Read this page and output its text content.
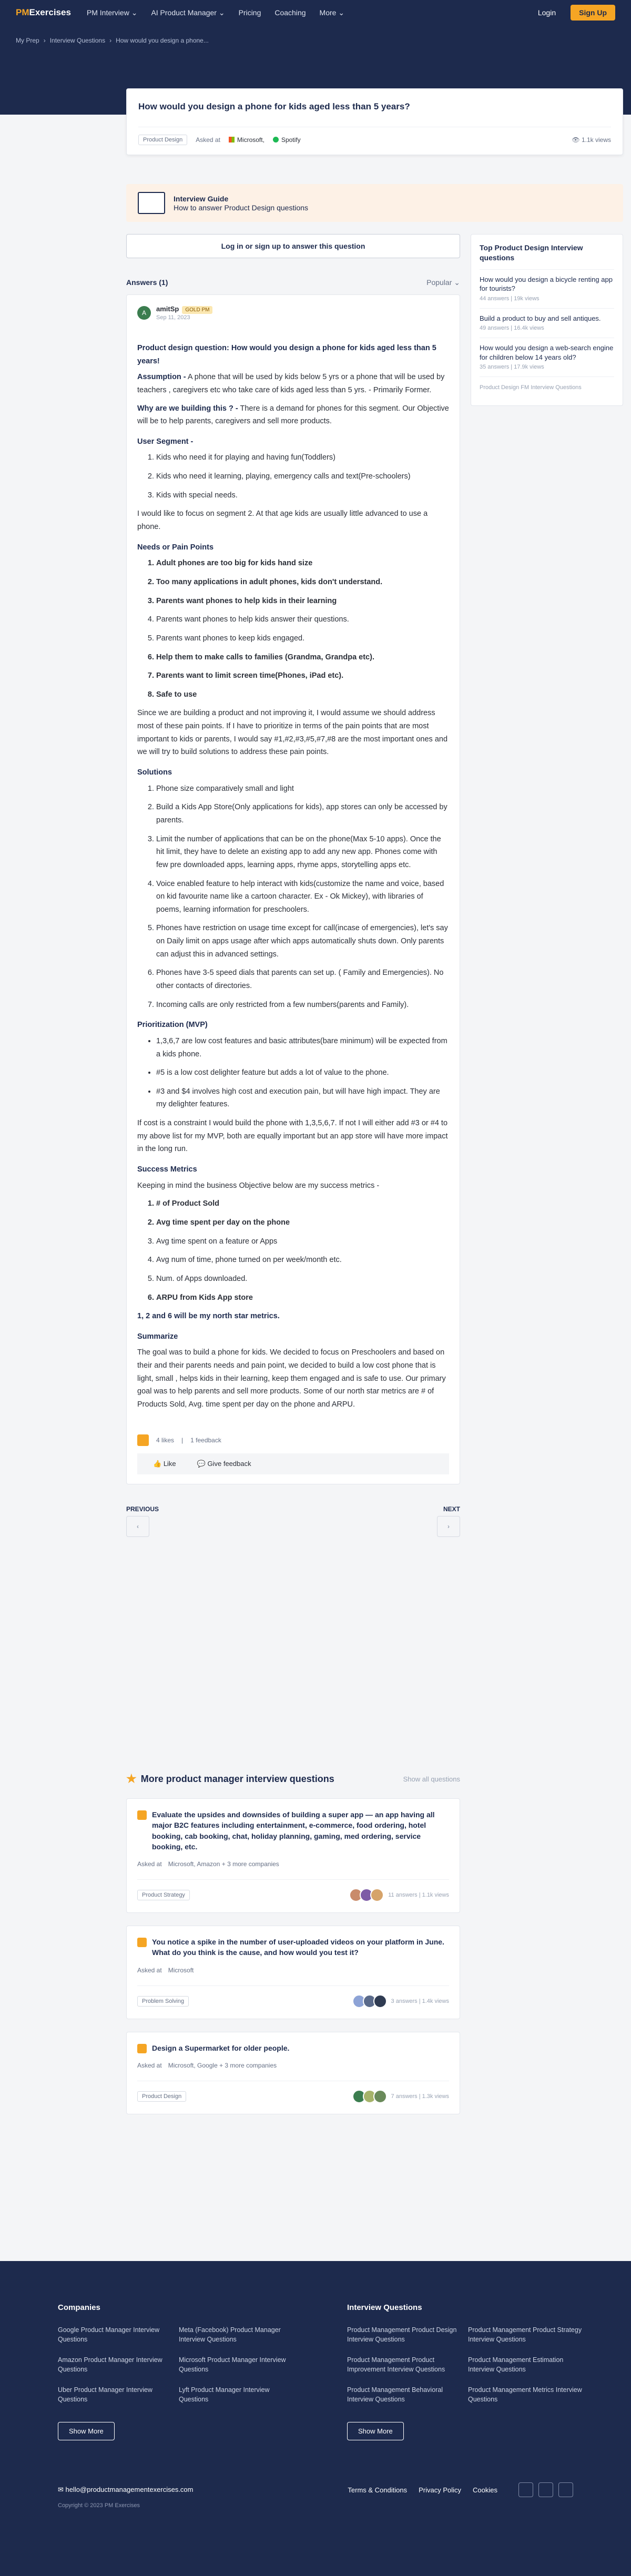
PMExercises PM Interview ⌄ AI Product Manager ⌄ Pricing Coaching More ⌄	Login	Sign Up
My Prep › Interview Questions › How would you design a phone...
How would you design a phone for kids aged less than 5 years?
Product Design	Asked at	Microsoft,	Spotify	👁 1.1k views
Interview Guide

How to answer Product Design questions

Log in or sign up to answer this question
Answers (1)	Popular ⌄
A	amitSp GOLD PM
Sep 11, 2023
Product design question: How would you design a phone for kids aged less than 5 years!

Assumption - A phone that will be used by kids below 5 yrs or a phone that will be used by teachers , caregivers etc who take care of kids aged less than 5 yrs. - Primarily Former.

Why are we building this ? - There is a demand for phones for this segment. Our Objective will be to help parents, caregivers and sell more products.

User Segment -
1. Kids who need it for playing and having fun(Toddlers)
2. Kids who need it learning, playing, emergency calls and text(Pre-schoolers)
3. Kids with special needs.

I would like to focus on segment 2. At that age kids are usually little advanced to use a phone.

Needs or Pain Points
1. Adult phones are too big for kids hand size
2. Too many applications in adult phones, kids don't understand.
3. Parents want phones to help kids in their learning
4. Parents want phones to help kids answer their questions.
5. Parents want phones to keep kids engaged.
6. Help them to make calls to families (Grandma, Grandpa etc).
7. Parents want to limit screen time(Phones, iPad etc).
8. Safe to use

Since we are building a product and not improving it, I would assume we should address most of these pain points. If I have to prioritize in terms of the pain points that are most important to kids or parents, I would say #1,#2,#3,#5,#7,#8 are the most important ones and we will try to build solutions to address these pain points.

Solutions
1. Phone size comparatively small and light
2. Build a Kids App Store(Only applications for kids), app stores can only be accessed by parents.
3. Limit the number of applications that can be on the phone(Max 5-10 apps). Once the hit limit, they have to delete an existing app to add any new app. Phones come with few pre downloaded apps, learning apps, rhyme apps, storytelling apps etc.
4. Voice enabled feature to help interact with kids(customize the name and voice, based on kid favourite name like a cartoon character. Ex - Ok Mickey), with libraries of poems, learning information for preschoolers.
5. Phones have restriction on usage time except for call(incase of emergencies), let's say on Daily limit on apps usage after which apps automatically shuts down. Only parents can adjust this in advanced settings.
6. Phones have 3-5 speed dials that parents can set up. ( Family and Emergencies). No other contacts of directories.
7. Incoming calls are only restricted from a few numbers(parents and Family).
Prioritization (MVP)
• 1,3,6,7 are low cost features and basic attributes(bare minimum) will be expected from a kids phone.
• #5 is a low cost delighter feature but adds a lot of value to the phone.
• #3 and $4 involves high cost and execution pain, but will have high impact. They are my delighter features.

If cost is a constraint I would build the phone with 1,3,5,6,7. If not I will either add #3 or #4 to my above list for my MVP, both are equally important but an app store will have more impact in the long run.

Success Metrics

Keeping in mind the business Objective below are my success metrics -

1. # of Product Sold
2. Avg time spent per day on the phone
3. Avg time spent on a feature or Apps
4. Avg num of time, phone turned on per week/month etc.
5. Num. of Apps downloaded.
6. ARPU from Kids App store

1, 2 and 6 will be my north star metrics.

Summarize

The goal was to build a phone for kids. We decided to focus on Preschoolers and based on their and their parents needs and pain point, we decided to build a low cost phone that is light, small , helps kids in their learning, keep them engaged and is safe to use. Our primary goal was to help parents and sell more products. Some of our north star metrics are # of Products Sold, Avg. time spent per day on the phone and ARPU.

4 likes | 1 feedback
👍 Like	💬 Give feedback
PREVIOUS	NEXT
‹	›
Top Product Design Interview questions
How would you design a bicycle renting app for tourists?
44 answers | 19k views
Build a product to buy and sell antiques.
49 answers | 16.4k views
How would you design a web-search engine for children below 14 years old?
35 answers | 17.9k views
Product Design FM Interview Questions
★ More product manager interview questions	Show all questions
Evaluate the upsides and downsides of building a super app — an app having all major B2C features including entertainment, e-commerce, food ordering, hotel booking, cab booking, chat, holiday planning, gaming, med ordering, service booking, etc.
Asked at Microsoft, Amazon + 3 more companies
Product Strategy	11 answers | 1.1k views
You notice a spike in the number of user-uploaded videos on your platform in June. What do you think is the cause, and how would you test it?
Asked at Microsoft
Problem Solving	3 answers | 1.4k views
Design a Supermarket for older people.
Asked at Microsoft, Google + 3 more companies
Product Design	7 answers | 1.3k views
Companies
Google Product Manager Interview Questions
Meta (Facebook) Product Manager Interview Questions
Amazon Product Manager Interview Questions
Microsoft Product Manager Interview Questions
Uber Product Manager Interview Questions
Lyft Product Manager Interview Questions
Show More
Interview Questions
Product Management Product Design Interview Questions
Product Management Product Strategy Interview Questions
Product Management Product Improvement Interview Questions
Product Management Estimation Interview Questions
Product Management Behavioral Interview Questions
Product Management Metrics Interview Questions
Show More
✉ hello@productmanagementexercises.com	Terms & Conditions Privacy Policy Cookies
Copyright © 2023 PM Exercises
